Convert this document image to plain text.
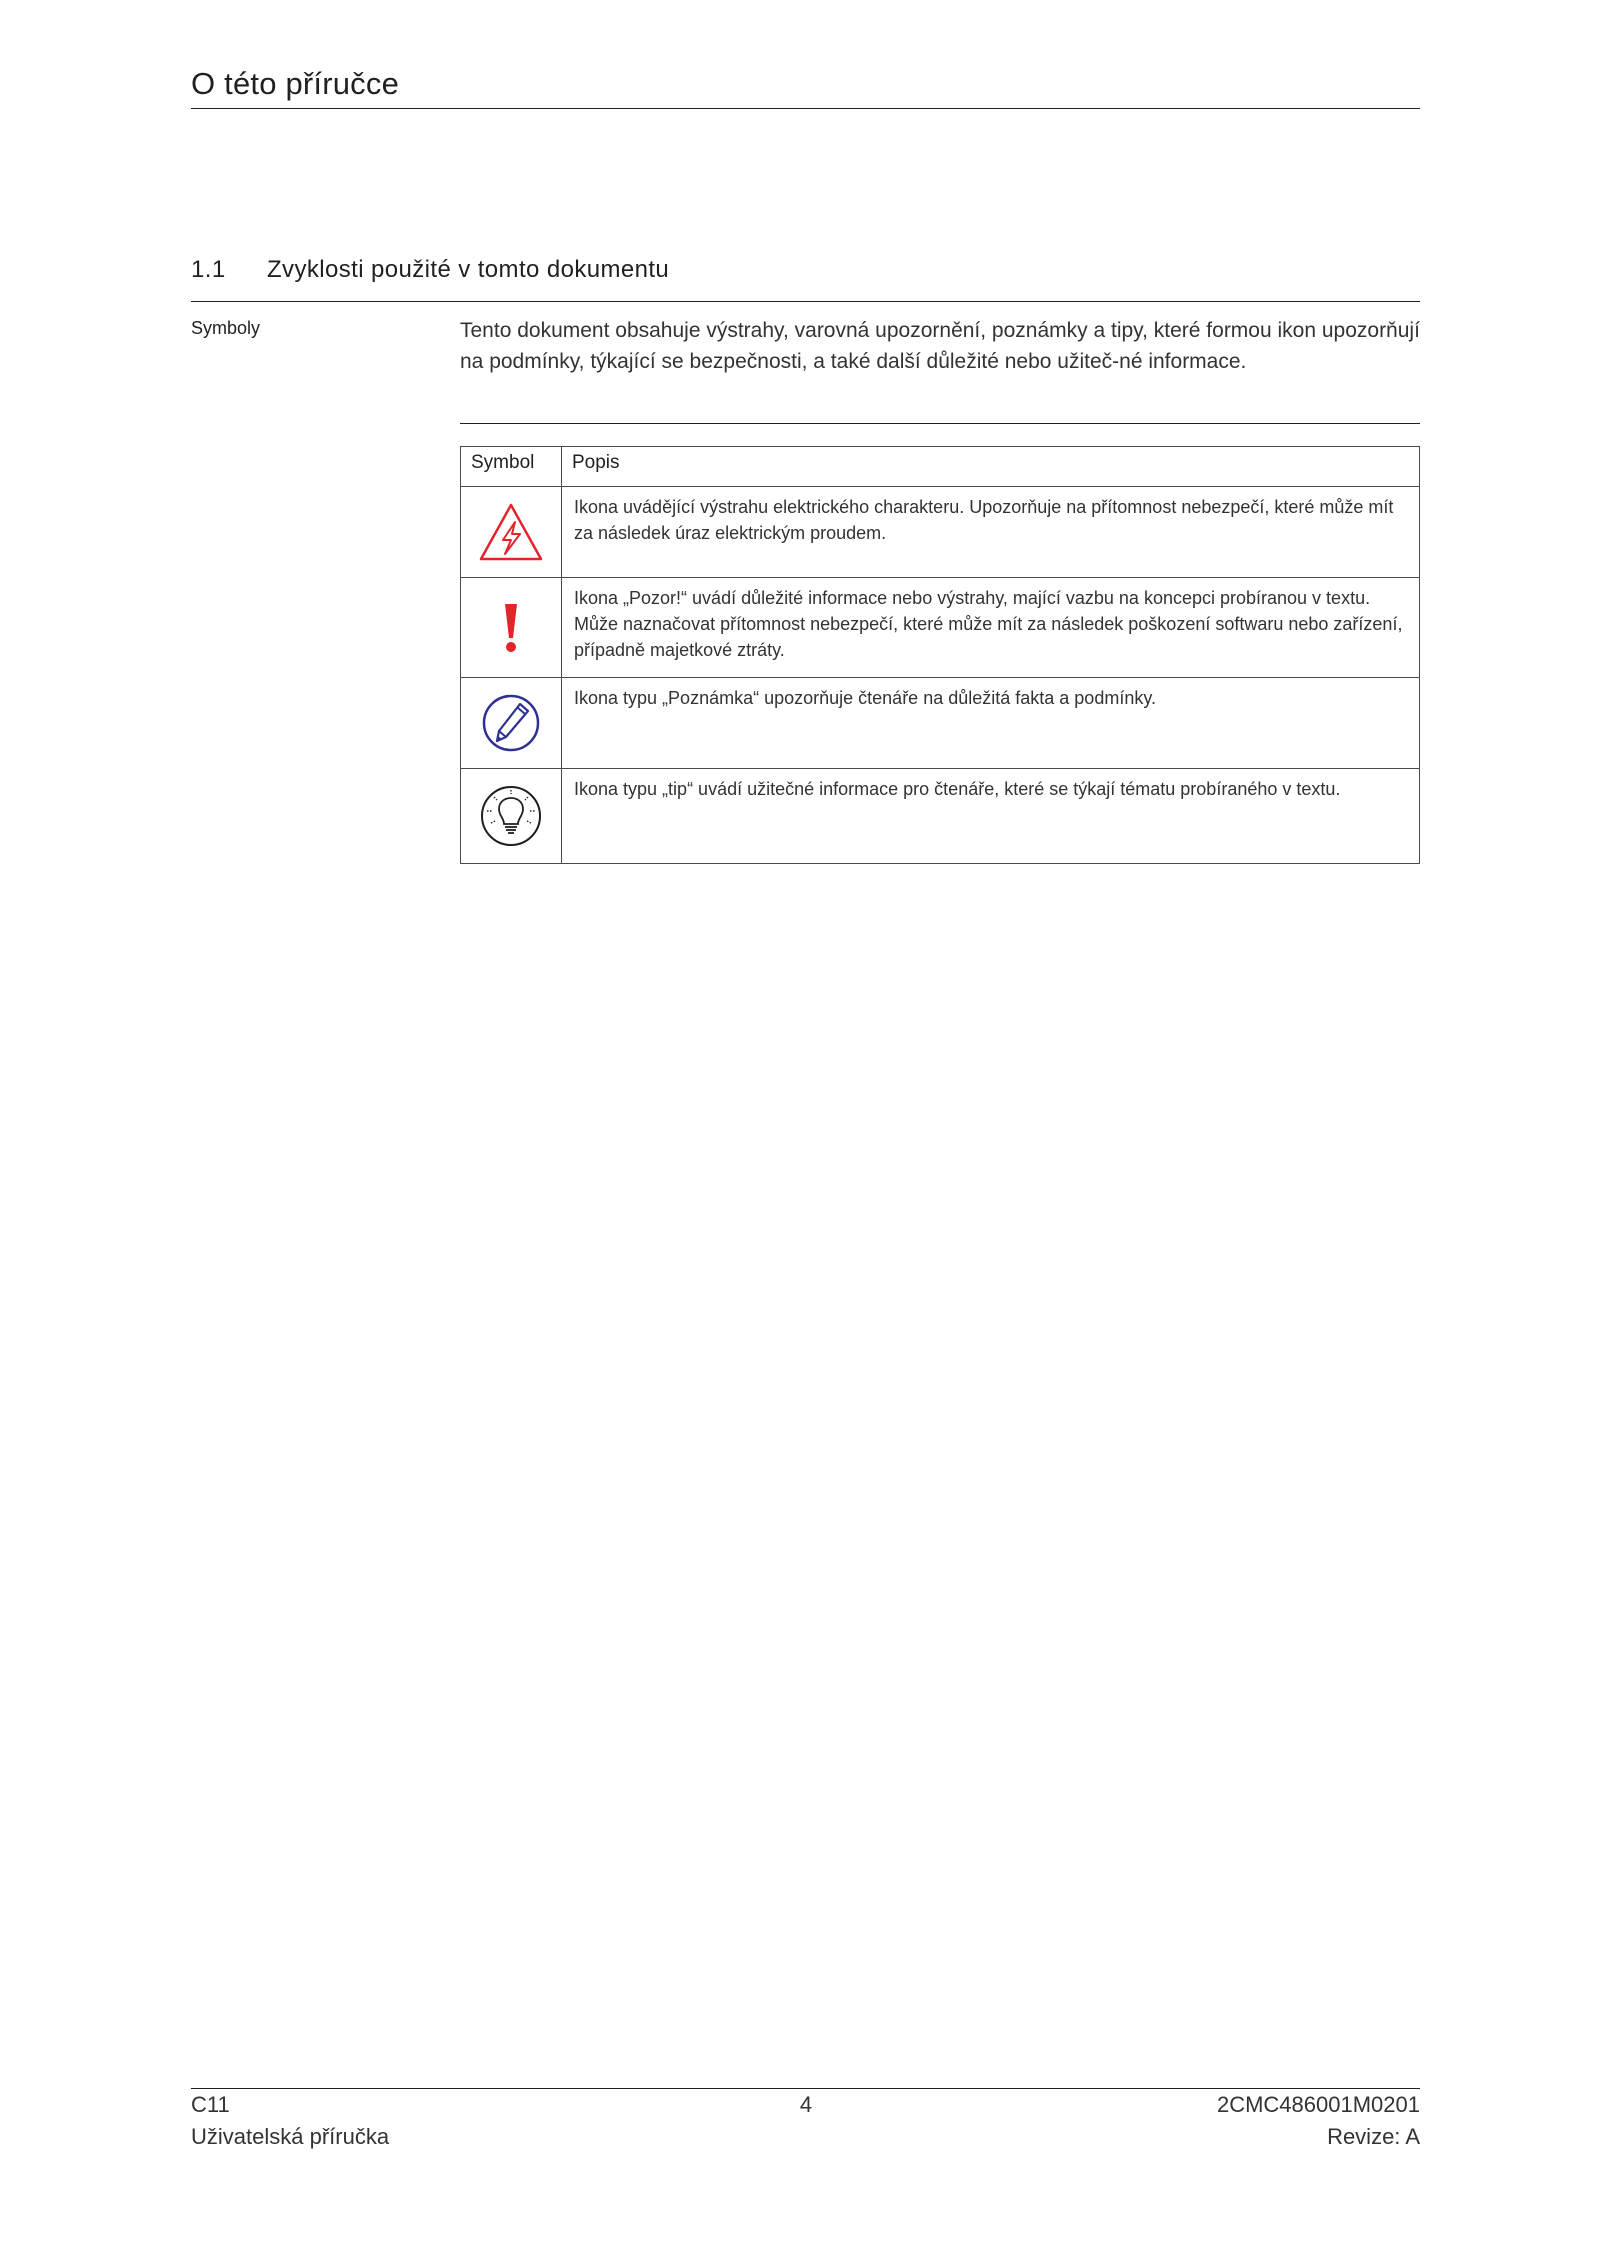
O této příručce
1.1 Zvyklosti použité v tomto dokumentu
Symboly	Tento dokument obsahuje výstrahy, varovná upozornění, poznámky a tipy, které formou ikon upozorňují na podmínky, týkající se bezpečnosti, a také další důležité nebo užiteč-né informace.

Symbol	Popis

	Ikona uvádějící výstrahu elektrického charakteru. Upozorňuje na přítomnost nebezpečí, které může mít za následek úraz elektrickým proudem.

	Ikona „Pozor!“ uvádí důležité informace nebo výstrahy, mající vazbu na koncepci probíranou v textu. Může naznačovat přítomnost nebezpečí, které může mít za následek poškození softwaru nebo zařízení, případně majetkové ztráty.

	Ikona typu „Poznámka“ upozorňuje čtenáře na důležitá fakta a podmínky.

	Ikona typu „tip“ uvádí užitečné informace pro čtenáře, které se týkají tématu probíraného v textu.
C11
Uživatelská příručka
4	2CMC486001M0201
Revize: A
